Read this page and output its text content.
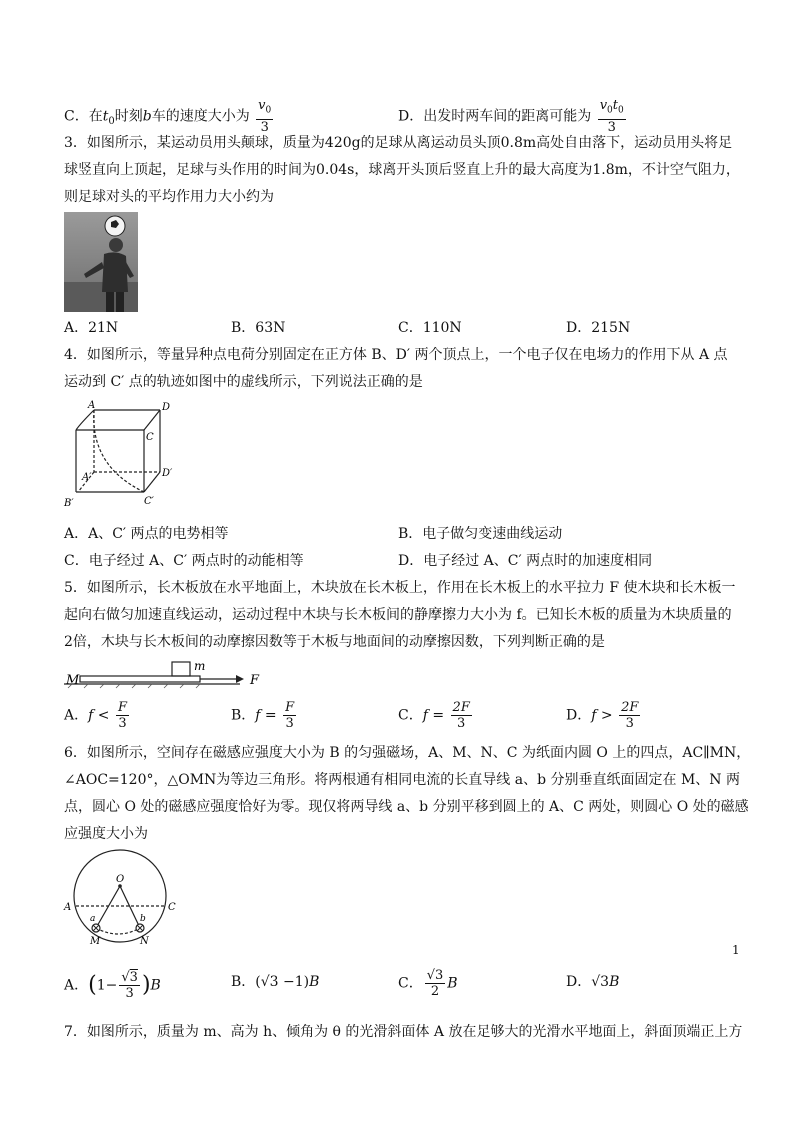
C．在$t_0$时刻b车的速度大小为 $\frac{v_0}{3}$	D．出发时两车间的距离可能为 $\frac{v_0t_0}{3}$
3．如图所示，某运动员用头颠球，质量为420g的足球从离运动员头顶0.8m高处自由落下，运动员用头将足
球竖直向上顶起，足球与头作用的时间为0.04s，球离开头顶后竖直上升的最大高度为1.8m，不计空气阻力，
则足球对头的平均作用力大小约为
A．21N	B．63N	C．110N	D．215N
4．如图所示，等量异种点电荷分别固定在正方体 B、D′ 两个顶点上，一个电子仅在电场力的作用下从 A 点
运动到 C′ 点的轨迹如图中的虚线所示，下列说法正确的是
A	D
C
A′	D′
B′	C′
A．A、C′ 两点的电势相等	B．电子做匀变速曲线运动
C．电子经过 A、C′ 两点时的动能相等	D．电子经过 A、C′ 两点时的加速度相同
5．如图所示，长木板放在水平地面上，木块放在长木板上，作用在长木板上的水平拉力 F 使木块和长木板一
起向右做匀加速直线运动，运动过程中木块与长木板间的静摩擦力大小为 f。已知长木板的质量为木块质量的
2倍，木块与长木板间的动摩擦因数等于木板与地面间的动摩擦因数，下列判断正确的是
M
m
F
A．$f < \frac{F}{3}$	B．$f = \frac{F}{3}$	C．$f = \frac{2F}{3}$	D．$f > \frac{2F}{3}$
6．如图所示，空间存在磁感应强度大小为 B 的匀强磁场，A、M、N、C 为纸面内圆 O 上的四点，AC∥MN，
∠AOC=120°，△OMN为等边三角形。将两根通有相同电流的长直导线 a、b 分别垂直纸面固定在 M、N 两
点，圆心 O 处的磁感应强度恰好为零。现仅将两导线 a、b 分别平移到圆上的 A、C 两处，则圆心 O 处的磁感
应强度大小为
O
A	C
a	b
M	N
1
A．$(1- \frac{√3}{3} )B$	B．(√3 −1)B	C． $\frac{√3}{2}$ B	D．√3B
7．如图所示，质量为 m、高为 h、倾角为 θ 的光滑斜面体 A 放在足够大的光滑水平地面上，斜面顶端正上方
